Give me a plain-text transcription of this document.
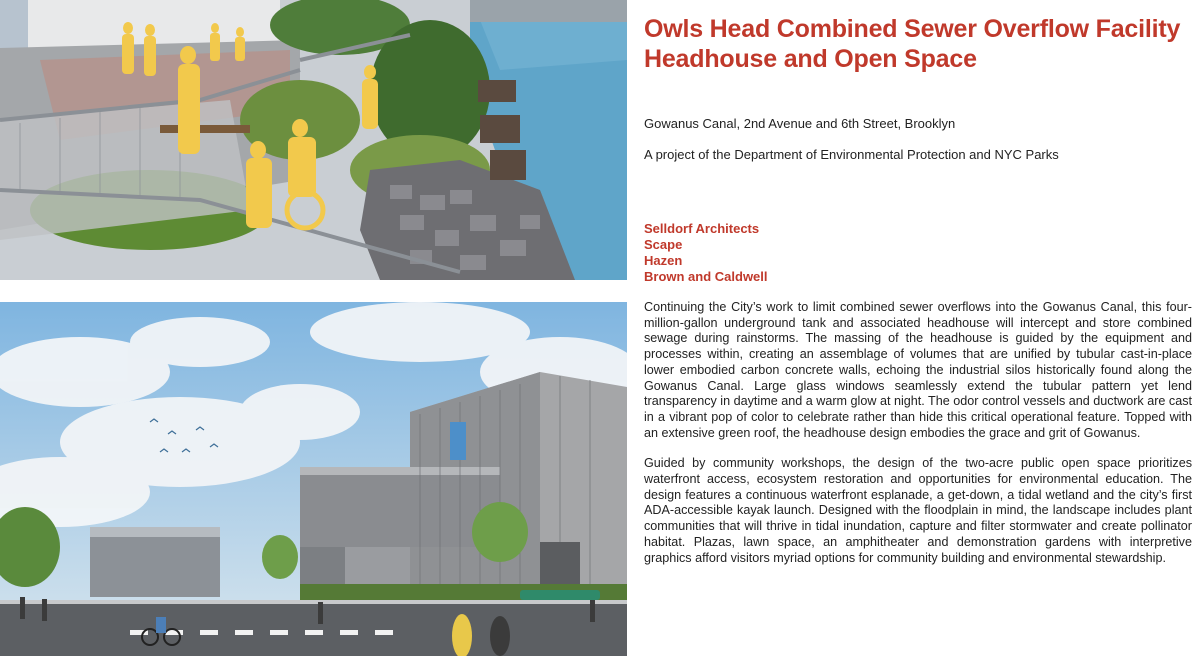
Owls Head Combined Sewer Overflow Facility Headhouse and Open Space

Gowanus Canal, 2nd Avenue and 6th Street, Brooklyn

A project of the Department of Environmental Protection and NYC Parks

Selldorf Architects
Scape
Hazen
Brown and Caldwell

Continuing the City’s work to limit combined sewer overflows into the Gowanus Canal, this four-million-gallon underground tank and associated headhouse will intercept and store combined sewage during rainstorms. The massing of the headhouse is guided by the equipment and processes within, creating an assemblage of volumes that are unified by tubular cast-in-place lower embodied carbon concrete walls, echoing the industrial silos historically found along the Gowanus Canal. Large glass windows seamlessly extend the tubular pattern yet lend transparency in daytime and a warm glow at night. The odor control vessels and ductwork are cast in a vibrant pop of color to celebrate rather than hide this critical operational feature. Topped with an extensive green roof, the headhouse design embodies the grace and grit of Gowanus.

Guided by community workshops, the design of the two-acre public open space prioritizes waterfront access, ecosystem restoration and opportunities for environmental education. The design features a continuous waterfront esplanade, a get-down, a tidal wetland and the city’s first ADA-accessible kayak launch. Designed with the floodplain in mind, the landscape includes plant communities that will thrive in tidal inundation, capture and filter stormwater and create pollinator habitat. Plazas, lawn space, an amphitheater and demonstration gardens with interpretive graphics afford visitors myriad options for community building and environmental stewardship.
